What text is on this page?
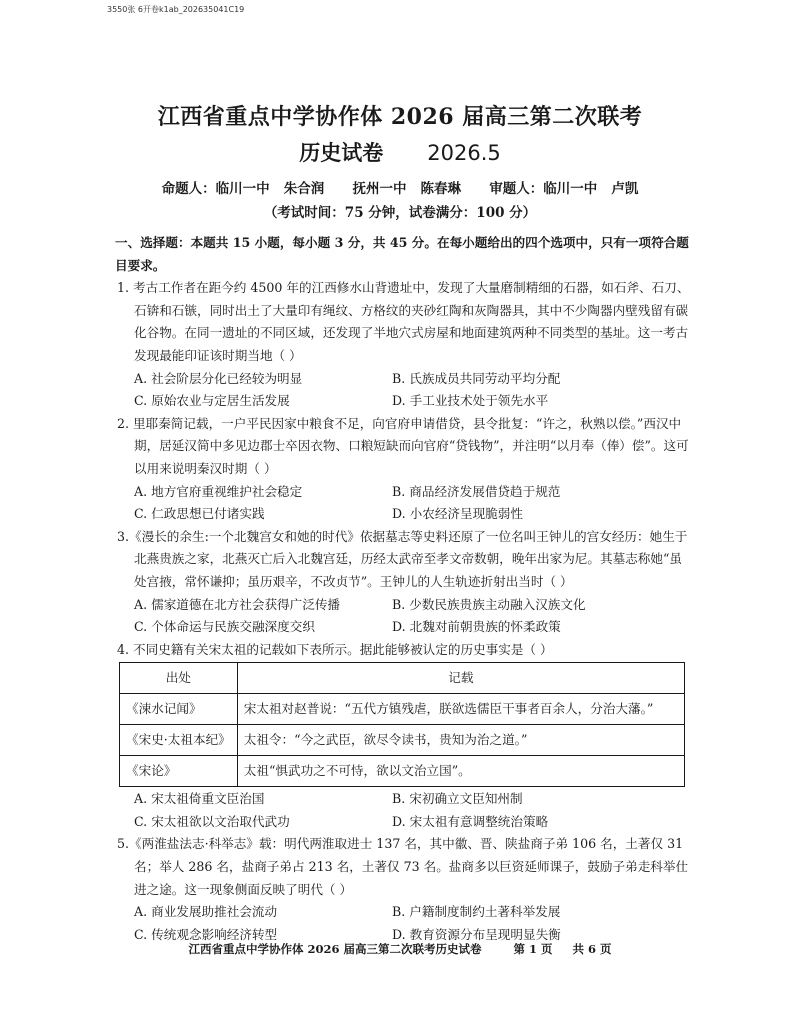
3550张 6开卷k1ab_202635041C19
江西省重点中学协作体 2026 届高三第二次联考
历史试卷 2026.5
命题人：临川一中   朱合润      抚州一中   陈春琳      审题人：临川一中   卢凯
（考试时间：75 分钟，试卷满分：100 分）
一、选择题：本题共 15 小题，每小题 3 分，共 45 分。在每小题给出的四个选项中，只有一项符合题目要求。
1. 考古工作者在距今约 4500 年的江西修水山背遗址中，发现了大量磨制精细的石器，如石斧、石刀、石锛和石镞，同时出土了大量印有绳纹、方格纹的夹砂红陶和灰陶器具，其中不少陶器内壁残留有碳化谷物。在同一遗址的不同区域，还发现了半地穴式房屋和地面建筑两种不同类型的基址。这一考古发现最能印证该时期当地（ ）
A. 社会阶层分化已经较为明显	B. 氏族成员共同劳动平均分配
C. 原始农业与定居生活发展	D. 手工业技术处于领先水平
2. 里耶秦简记载，一户平民因家中粮食不足，向官府申请借贷，县令批复：“许之，秋熟以偿。”西汉中期，居延汉简中多见边郡士卒因衣物、口粮短缺而向官府“贷钱物”，并注明“以月奉（俸）偿”。这可以用来说明秦汉时期（ ）
A. 地方官府重视维护社会稳定	B. 商品经济发展借贷趋于规范
C. 仁政思想已付诸实践	D. 小农经济呈现脆弱性
3.《漫长的余生:一个北魏宫女和她的时代》依据墓志等史料还原了一位名叫王钟儿的宫女经历：她生于北燕贵族之家，北燕灭亡后入北魏宫廷，历经太武帝至孝文帝数朝，晚年出家为尼。其墓志称她“虽处宫掖，常怀谦抑；虽历艰辛，不改贞节”。王钟儿的人生轨迹折射出当时（ ）
A. 儒家道德在北方社会获得广泛传播	B. 少数民族贵族主动融入汉族文化
C. 个体命运与民族交融深度交织	D. 北魏对前朝贵族的怀柔政策
4. 不同史籍有关宋太祖的记载如下表所示。据此能够被认定的历史事实是（ ）
出处	记载
《涑水记闻》	宋太祖对赵普说：“五代方镇残虐，朕欲选儒臣干事者百余人，分治大藩。”
《宋史·太祖本纪》	太祖令：“今之武臣，欲尽令读书，贵知为治之道。”
《宋论》	太祖“惧武功之不可恃，欲以文治立国”。
A. 宋太祖倚重文臣治国	B. 宋初确立文臣知州制
C. 宋太祖欲以文治取代武功	D. 宋太祖有意调整统治策略
5.《两淮盐法志·科举志》载：明代两淮取进士 137 名，其中徽、晋、陕盐商子弟 106 名，土著仅 31 名；举人 286 名，盐商子弟占 213 名，土著仅 73 名。盐商多以巨资延师课子，鼓励子弟走科举仕进之途。这一现象侧面反映了明代（ ）
A. 商业发展助推社会流动	B. 户籍制度制约土著科举发展
C. 传统观念影响经济转型	D. 教育资源分布呈现明显失衡
江西省重点中学协作体 2026 届高三第二次联考历史试卷        第 1 页     共 6 页
